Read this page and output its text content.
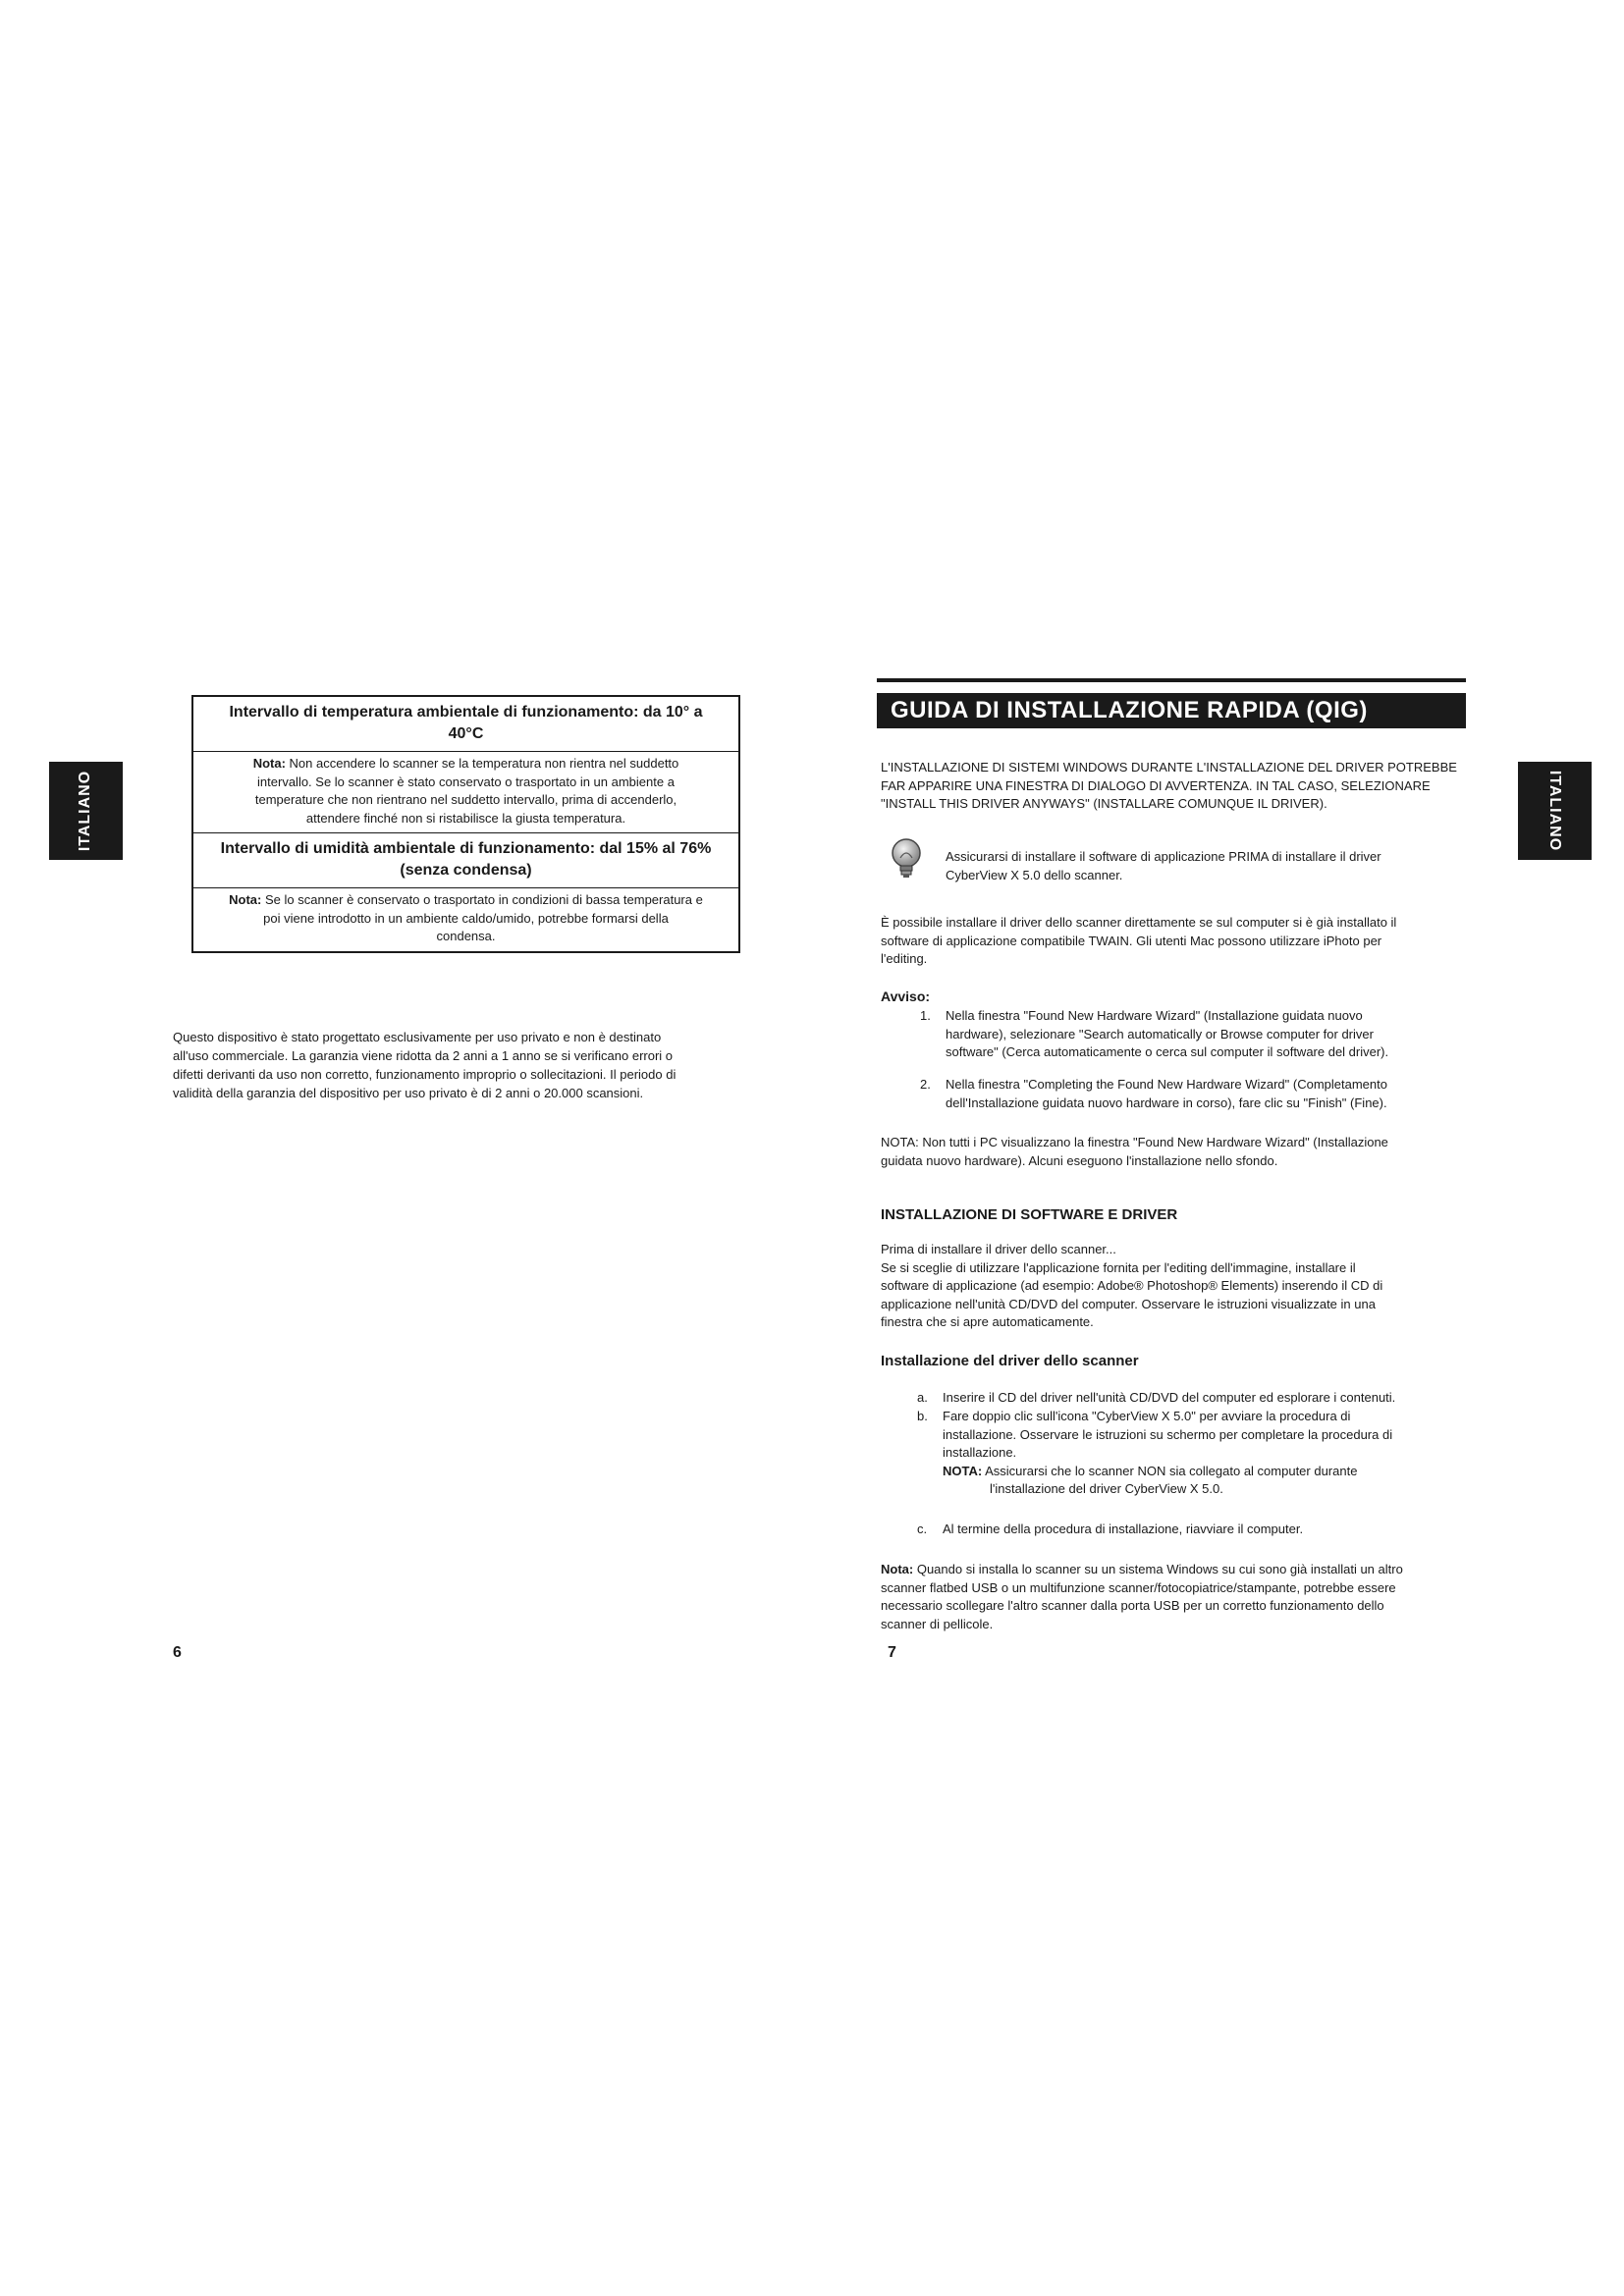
ITALIANO	ITALIANO
Intervallo di temperatura ambientale di funzionamento: da 10° a
40°C
Nota: Non accendere lo scanner se la temperatura non rientra nel suddetto
intervallo. Se lo scanner è stato conservato o trasportato in un ambiente a
temperature che non rientrano nel suddetto intervallo, prima di accenderlo,
attendere finché non si ristabilisce la giusta temperatura.
Intervallo di umidità ambientale di funzionamento: dal 15% al 76%
(senza condensa)
Nota: Se lo scanner è conservato o trasportato in condizioni di bassa temperatura e
poi viene introdotto in un ambiente caldo/umido, potrebbe formarsi della
condensa.
Questo dispositivo è stato progettato esclusivamente per uso privato e non è destinato
all'uso commerciale. La garanzia viene ridotta da 2 anni a 1 anno se si verificano errori o
difetti derivanti da uso non corretto, funzionamento improprio o sollecitazioni. Il periodo di
validità della garanzia del dispositivo per uso privato è di 2 anni o 20.000 scansioni.
6
GUIDA DI INSTALLAZIONE RAPIDA (QIG)
L'INSTALLAZIONE DI SISTEMI WINDOWS DURANTE L'INSTALLAZIONE DEL DRIVER POTREBBE
FAR APPARIRE UNA FINESTRA DI DIALOGO DI AVVERTENZA. IN TAL CASO, SELEZIONARE
"INSTALL THIS DRIVER ANYWAYS" (INSTALLARE COMUNQUE IL DRIVER).
Assicurarsi di installare il software di applicazione PRIMA di installare il driver
CyberView X 5.0 dello scanner.
È possibile installare il driver dello scanner direttamente se sul computer si è già installato il
software di applicazione compatibile TWAIN. Gli utenti Mac possono utilizzare iPhoto per
l'editing.
Avviso:
1. Nella finestra "Found New Hardware Wizard" (Installazione guidata nuovo
hardware), selezionare "Search automatically or Browse computer for driver
software" (Cerca automaticamente o cerca sul computer il software del driver).
2. Nella finestra "Completing the Found New Hardware Wizard" (Completamento
dell'Installazione guidata nuovo hardware in corso), fare clic su "Finish" (Fine).
NOTA: Non tutti i PC visualizzano la finestra "Found New Hardware Wizard" (Installazione
guidata nuovo hardware). Alcuni eseguono l'installazione nello sfondo.
INSTALLAZIONE DI SOFTWARE E DRIVER
Prima di installare il driver dello scanner...
Se si sceglie di utilizzare l'applicazione fornita per l'editing dell'immagine, installare il
software di applicazione (ad esempio: Adobe® Photoshop® Elements) inserendo il CD di
applicazione nell'unità CD/DVD del computer. Osservare le istruzioni visualizzate in una
finestra che si apre automaticamente.
Installazione del driver dello scanner
a. Inserire il CD del driver nell'unità CD/DVD del computer ed esplorare i contenuti.
b. Fare doppio clic sull'icona "CyberView X 5.0" per avviare la procedura di
installazione. Osservare le istruzioni su schermo per completare la procedura di
installazione.
NOTA: Assicurarsi che lo scanner NON sia collegato al computer durante
l'installazione del driver CyberView X 5.0.
c. Al termine della procedura di installazione, riavviare il computer.
Nota: Quando si installa lo scanner su un sistema Windows su cui sono già installati un altro
scanner flatbed USB o un multifunzione scanner/fotocopiatrice/stampante, potrebbe essere
necessario scollegare l'altro scanner dalla porta USB per un corretto funzionamento dello
scanner di pellicole.
7
